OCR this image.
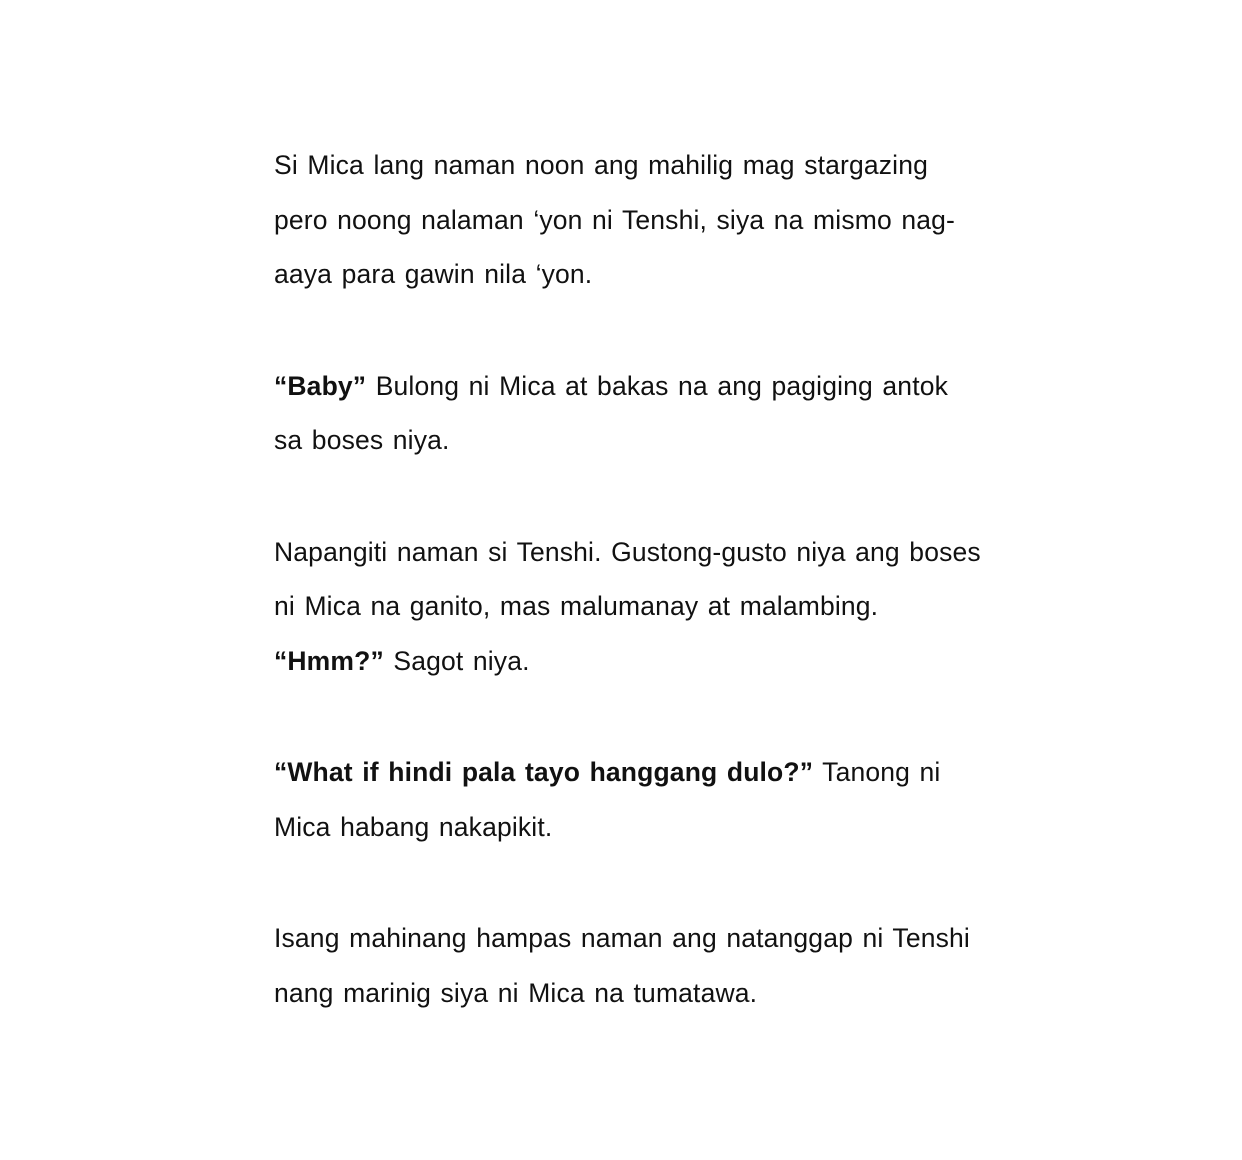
Si Mica lang naman noon ang mahilig mag stargazing
pero noong nalaman ‘yon ni Tenshi, siya na mismo nag-
aaya para gawin nila ‘yon.
“Baby” Bulong ni Mica at bakas na ang pagiging antok
sa boses niya.
Napangiti naman si Tenshi. Gustong-gusto niya ang boses
ni Mica na ganito, mas malumanay at malambing.
“Hmm?” Sagot niya.
“What if hindi pala tayo hanggang dulo?” Tanong ni
Mica habang nakapikit.
Isang mahinang hampas naman ang natanggap ni Tenshi
nang marinig siya ni Mica na tumatawa.
